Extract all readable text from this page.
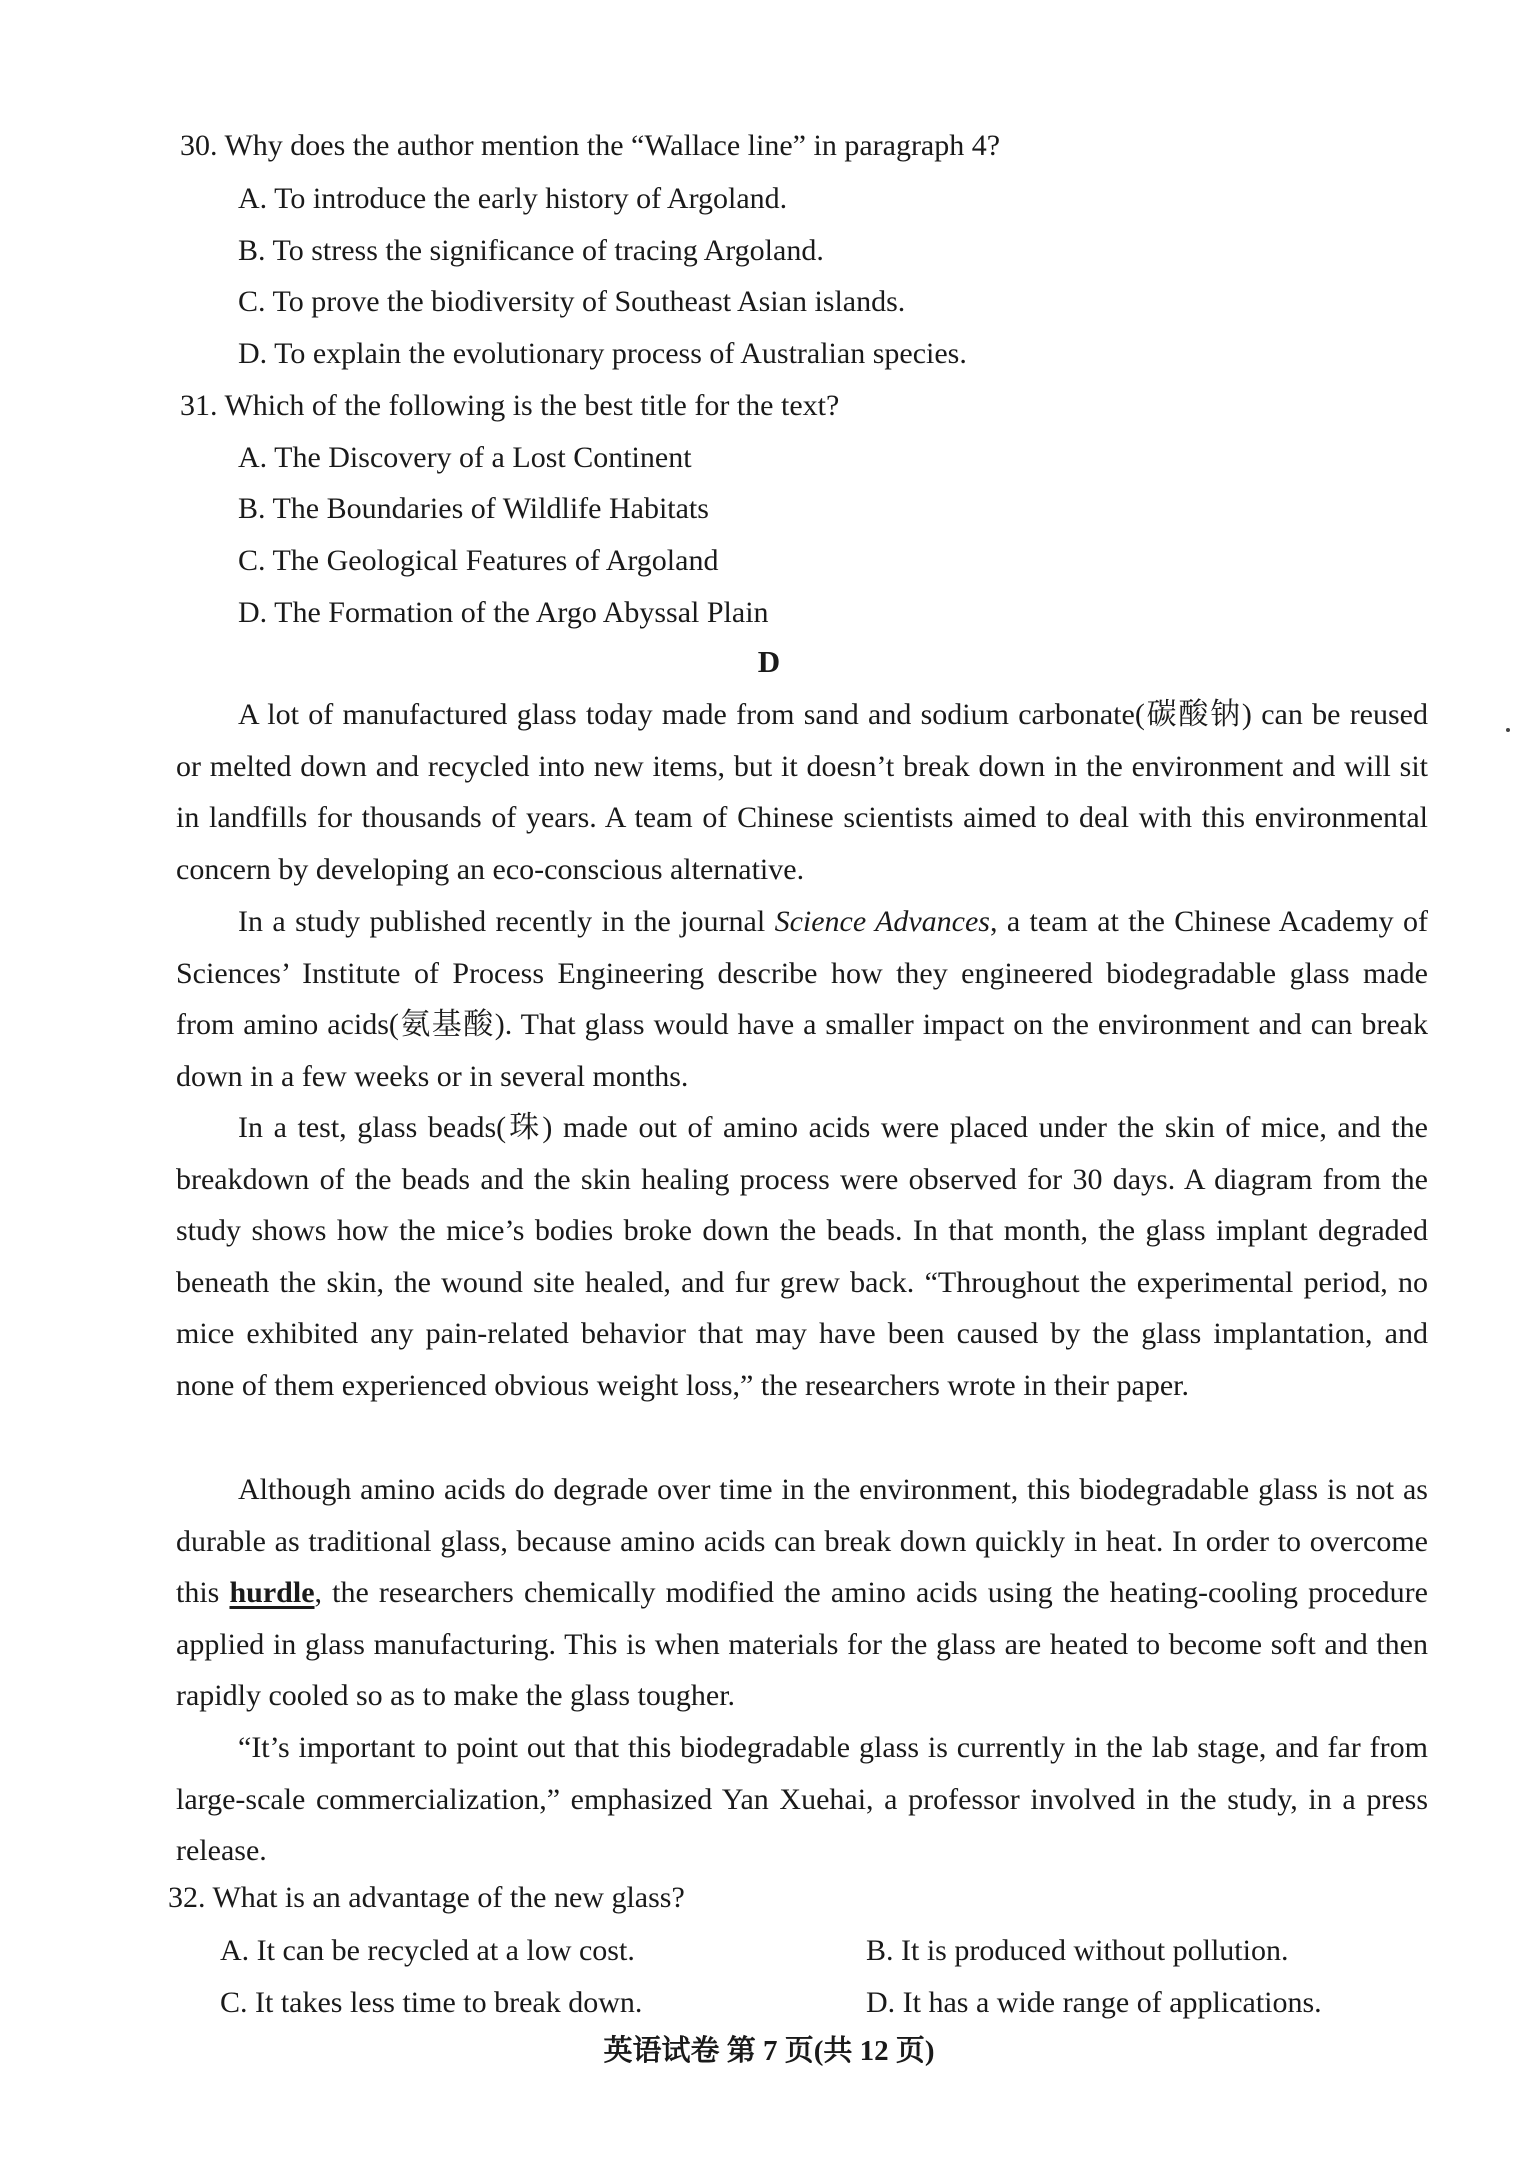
30. Why does the author mention the “Wallace line” in paragraph 4?
A. To introduce the early history of Argoland.
B. To stress the significance of tracing Argoland.
C. To prove the biodiversity of Southeast Asian islands.
D. To explain the evolutionary process of Australian species.
31. Which of the following is the best title for the text?
A. The Discovery of a Lost Continent
B. The Boundaries of Wildlife Habitats
C. The Geological Features of Argoland
D. The Formation of the Argo Abyssal Plain
D
A lot of manufactured glass today made from sand and sodium carbonate(碳酸钠) can be reused or melted down and recycled into new items, but it doesn’t break down in the environment and will sit in landfills for thousands of years. A team of Chinese scientists aimed to deal with this environmental concern by developing an eco-conscious alternative.
In a study published recently in the journal Science Advances, a team at the Chinese Academy of Sciences’ Institute of Process Engineering describe how they engineered biodegradable glass made from amino acids(氨基酸). That glass would have a smaller impact on the environment and can break down in a few weeks or in several months.
In a test, glass beads(珠) made out of amino acids were placed under the skin of mice, and the breakdown of the beads and the skin healing process were observed for 30 days. A diagram from the study shows how the mice’s bodies broke down the beads. In that month, the glass implant degraded beneath the skin, the wound site healed, and fur grew back. “Throughout the experimental period, no mice exhibited any pain-related behavior that may have been caused by the glass implantation, and none of them experienced obvious weight loss,” the researchers wrote in their paper.
Although amino acids do degrade over time in the environment, this biodegradable glass is not as durable as traditional glass, because amino acids can break down quickly in heat. In order to overcome this hurdle, the researchers chemically modified the amino acids using the heating-cooling procedure applied in glass manufacturing. This is when materials for the glass are heated to become soft and then rapidly cooled so as to make the glass tougher.
“It’s important to point out that this biodegradable glass is currently in the lab stage, and far from large-scale commercialization,” emphasized Yan Xuehai, a professor involved in the study, in a press release.
32. What is an advantage of the new glass?
A. It can be recycled at a low cost.	B. It is produced without pollution.
C. It takes less time to break down.	D. It has a wide range of applications.
英语试卷 第 7 页(共 12 页)
